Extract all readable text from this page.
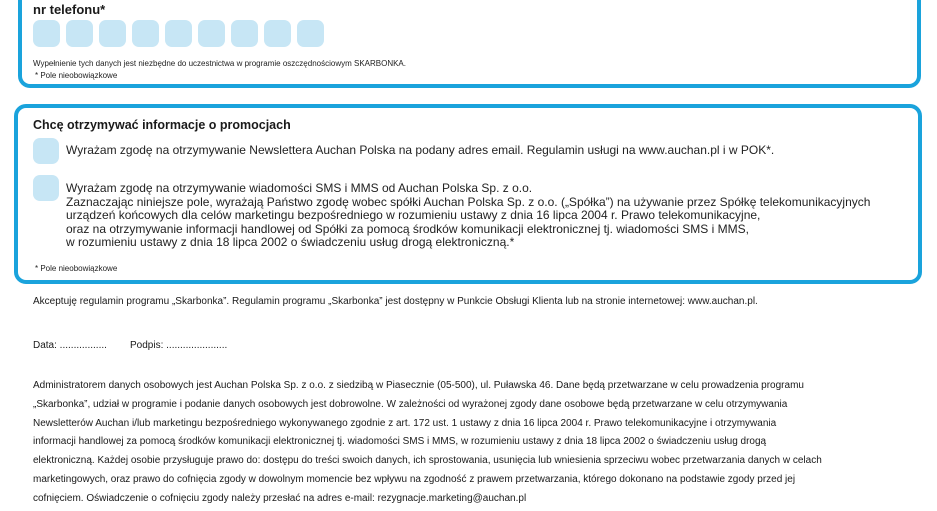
nr telefonu*
Wypełnienie tych danych jest niezbędne do uczestnictwa w programie oszczędnościowym SKARBONKA.
* Pole nieobowiązkowe
Chcę otrzymywać informacje o promocjach
Wyrażam zgodę na otrzymywanie Newslettera Auchan Polska na podany adres email. Regulamin usługi na www.auchan.pl i w POK*.
Wyrażam zgodę na otrzymywanie wiadomości SMS i MMS od Auchan Polska Sp. z o.o.
Zaznaczając niniejsze pole, wyrażają Państwo zgodę wobec spółki Auchan Polska Sp. z o.o. („Spółka”) na używanie przez Spółkę telekomunikacyjnych
urządzeń końcowych dla celów marketingu bezpośredniego w rozumieniu ustawy z dnia 16 lipca 2004 r. Prawo telekomunikacyjne,
oraz na otrzymywanie informacji handlowej od Spółki za pomocą środków komunikacji elektronicznej tj. wiadomości SMS i MMS,
w rozumieniu ustawy z dnia 18 lipca 2002 o świadczeniu usług drogą elektroniczną.*
* Pole nieobowiązkowe
Akceptuję regulamin programu „Skarbonka”. Regulamin programu „Skarbonka” jest dostępny w Punkcie Obsługi Klienta lub na stronie internetowej: www.auchan.pl.
Data: ................. Podpis: ......................
Administratorem danych osobowych jest Auchan Polska Sp. z o.o. z siedzibą w Piasecznie (05-500), ul. Puławska 46. Dane będą przetwarzane w celu prowadzenia programu
„Skarbonka”, udział w programie i podanie danych osobowych jest dobrowolne. W zależności od wyrażonej zgody dane osobowe będą przetwarzane w celu otrzymywania
Newsletterów Auchan i/lub marketingu bezpośredniego wykonywanego zgodnie z art. 172 ust. 1 ustawy z dnia 16 lipca 2004 r. Prawo telekomunikacyjne i otrzymywania
informacji handlowej za pomocą środków komunikacji elektronicznej tj. wiadomości SMS i MMS, w rozumieniu ustawy z dnia 18 lipca 2002 o świadczeniu usług drogą
elektroniczną. Każdej osobie przysługuje prawo do: dostępu do treści swoich danych, ich sprostowania, usunięcia lub wniesienia sprzeciwu wobec przetwarzania danych w celach
marketingowych, oraz prawo do cofnięcia zgody w dowolnym momencie bez wpływu na zgodność z prawem przetwarzania, którego dokonano na podstawie zgody przed jej
cofnięciem. Oświadczenie o cofnięciu zgody należy przesłać na adres e-mail: rezygnacje.marketing@auchan.pl
